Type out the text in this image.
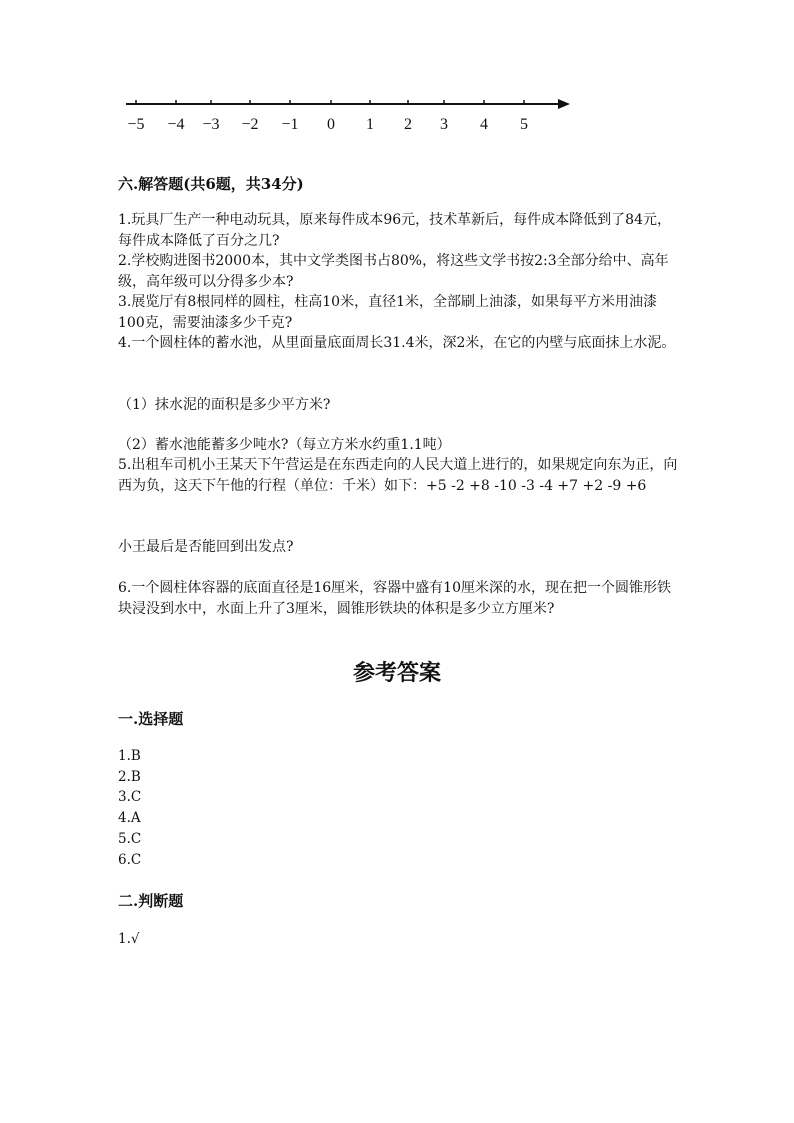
−5 −4 −3 −2 −1 0 1 2 3 4 5
六.解答题(共6题，共34分)

1.玩具厂生产一种电动玩具，原来每件成本96元，技术革新后，每件成本降低到了84元，每件成本降低了百分之几?

2.学校购进图书2000本，其中文学类图书占80%，将这些文学书按2:3全部分给中、高年级，高年级可以分得多少本?

3.展览厅有8根同样的圆柱，柱高10米，直径1米，全部刷上油漆，如果每平方米用油漆100克，需要油漆多少千克?

4.一个圆柱体的蓄水池，从里面量底面周长31.4米，深2米，在它的内壁与底面抹上水泥。

（1）抹水泥的面积是多少平方米?

（2）蓄水池能蓄多少吨水?（每立方米水约重1.1吨）

5.出租车司机小王某天下午营运是在东西走向的人民大道上进行的，如果规定向东为正，向西为负，这天下午他的行程（单位：千米）如下：+5 -2 +8 -10 -3 -4 +7 +2 -9 +6

小王最后是否能回到出发点?

6.一个圆柱体容器的底面直径是16厘米，容器中盛有10厘米深的水，现在把一个圆锥形铁块浸没到水中，水面上升了3厘米，圆锥形铁块的体积是多少立方厘米?

参考答案
一.选择题
1.B
2.B
3.C
4.A
5.C
6.C
二.判断题
1.√
